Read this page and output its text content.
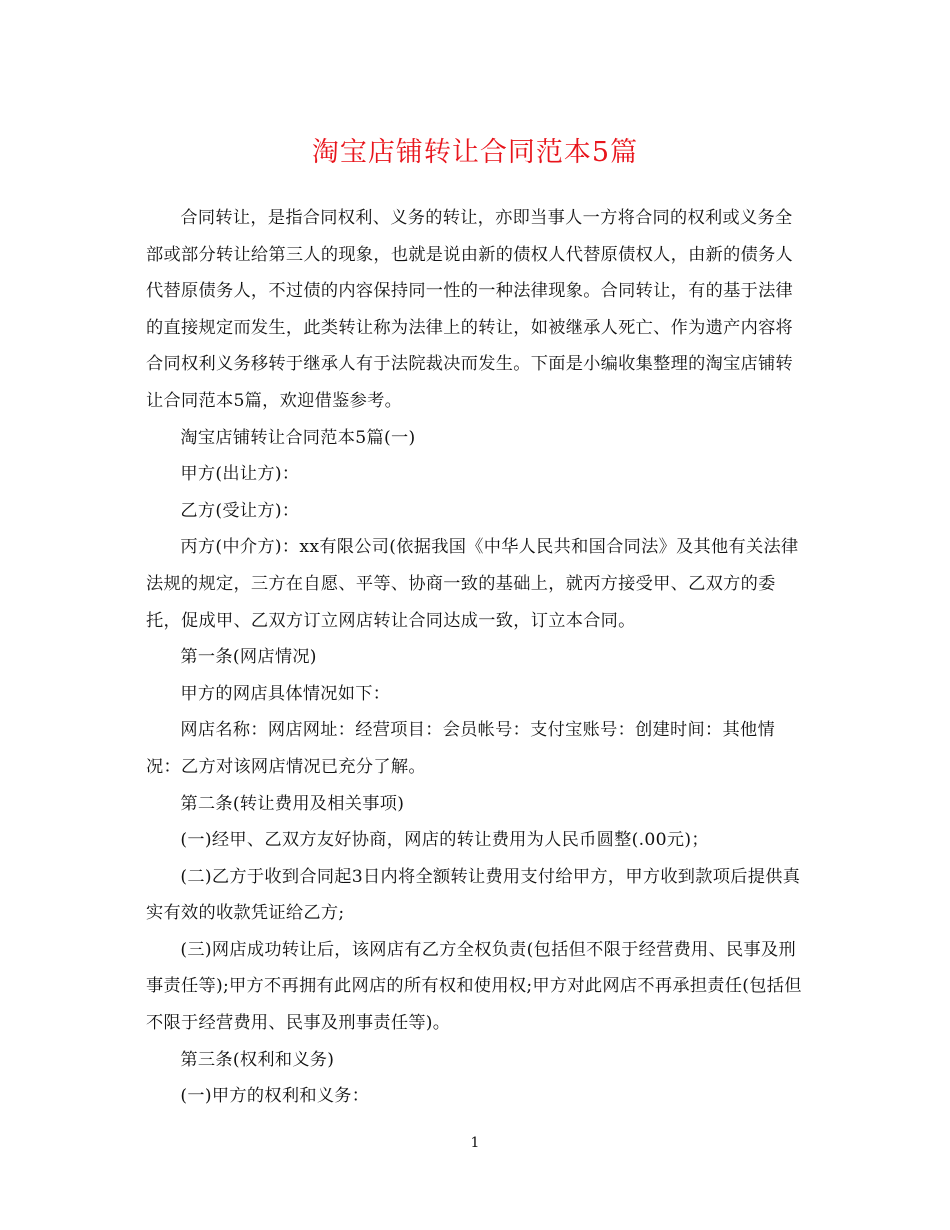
淘宝店铺转让合同范本5篇

合同转让，是指合同权利、义务的转让，亦即当事人一方将合同的权利或义务全部或部分转让给第三人的现象，也就是说由新的债权人代替原债权人，由新的债务人代替原债务人，不过债的内容保持同一性的一种法律现象。合同转让，有的基于法律的直接规定而发生，此类转让称为法律上的转让，如被继承人死亡、作为遗产内容将合同权利义务移转于继承人有于法院裁决而发生。下面是小编收集整理的淘宝店铺转让合同范本5篇，欢迎借鉴参考。

淘宝店铺转让合同范本5篇(一)

甲方(出让方)：

乙方(受让方)：

丙方(中介方)：xx有限公司(依据我国《中华人民共和国合同法》及其他有关法律法规的规定，三方在自愿、平等、协商一致的基础上，就丙方接受甲、乙双方的委托，促成甲、乙双方订立网店转让合同达成一致，订立本合同。

第一条(网店情况)

甲方的网店具体情况如下：

网店名称：网店网址：经营项目：会员帐号：支付宝账号：创建时间：其他情况：乙方对该网店情况已充分了解。

第二条(转让费用及相关事项)

(一)经甲、乙双方友好协商，网店的转让费用为人民币圆整(.00元)；

(二)乙方于收到合同起3日内将全额转让费用支付给甲方，甲方收到款项后提供真实有效的收款凭证给乙方;

(三)网店成功转让后，该网店有乙方全权负责(包括但不限于经营费用、民事及刑事责任等);甲方不再拥有此网店的所有权和使用权;甲方对此网店不再承担责任(包括但不限于经营费用、民事及刑事责任等)。

第三条(权利和义务)

(一)甲方的权利和义务：

1
